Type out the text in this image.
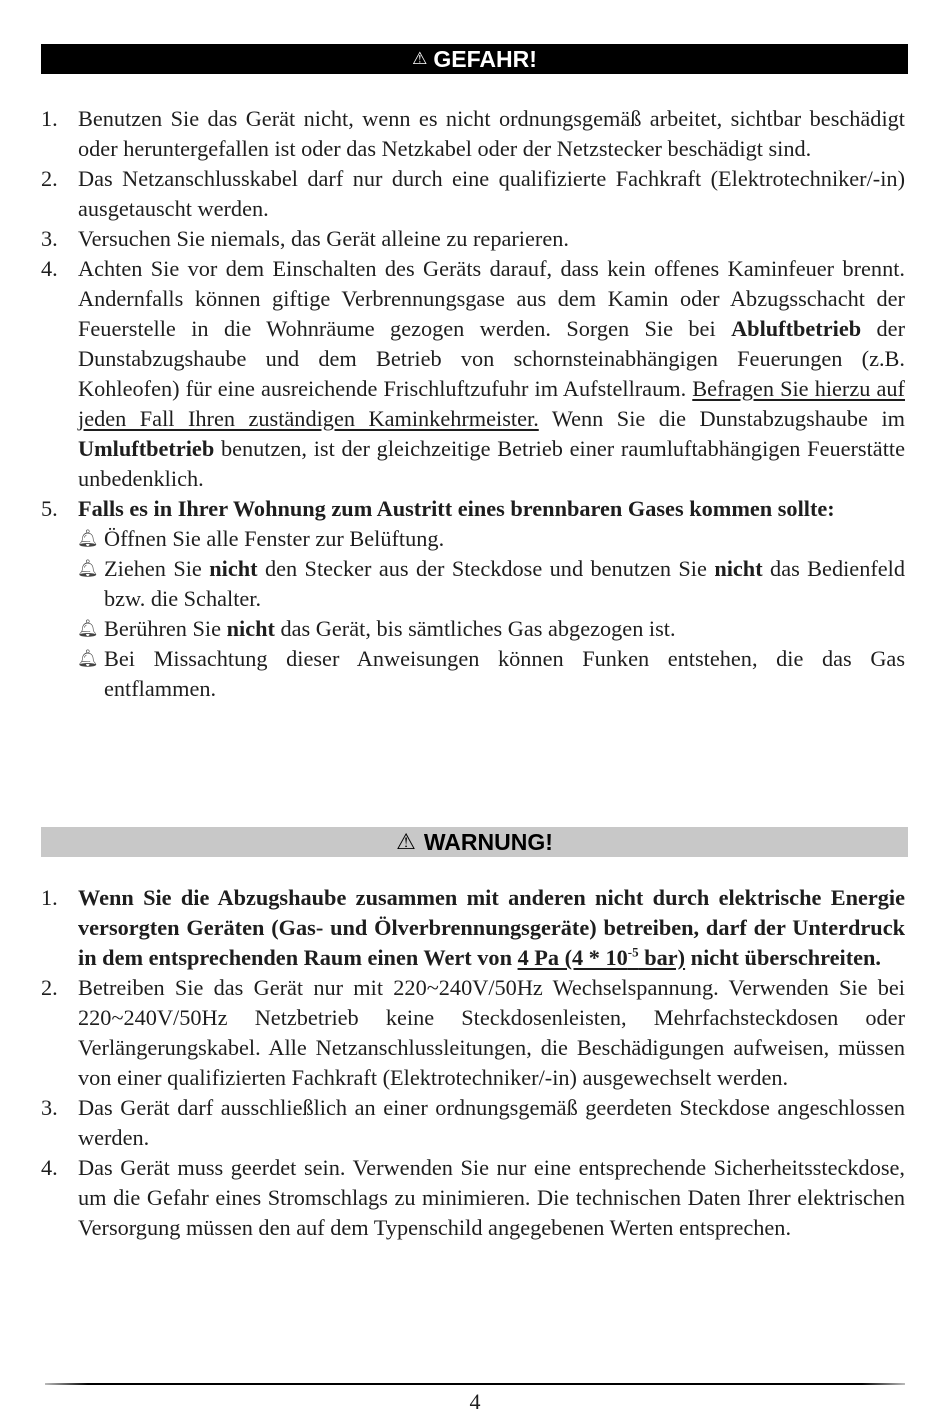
⚠ GEFAHR!
1. Benutzen Sie das Gerät nicht, wenn es nicht ordnungsgemäß arbeitet, sichtbar beschädigt oder heruntergefallen ist oder das Netzkabel oder der Netzstecker beschädigt sind.
2. Das Netzanschlusskabel darf nur durch eine qualifizierte Fachkraft (Elektrotechniker/-in) ausgetauscht werden.
3. Versuchen Sie niemals, das Gerät alleine zu reparieren.
4. Achten Sie vor dem Einschalten des Geräts darauf, dass kein offenes Kaminfeuer brennt. Andernfalls können giftige Verbrennungsgase aus dem Kamin oder Abzugsschacht der Feuerstelle in die Wohnräume gezogen werden. Sorgen Sie bei Abluftbetrieb der Dunstabzugshaube und dem Betrieb von schornsteinabhängigen Feuerungen (z.B. Kohleofen) für eine ausreichende Frischluftzufuhr im Aufstellraum. Befragen Sie hierzu auf jeden Fall Ihren zuständigen Kaminkehrmeister. Wenn Sie die Dunstabzugshaube im Umluftbetrieb benutzen, ist der gleichzeitige Betrieb einer raumluftabhängigen Feuerstätte unbedenklich.
5. Falls es in Ihrer Wohnung zum Austritt eines brennbaren Gases kommen sollte:
🔔︎ Öffnen Sie alle Fenster zur Belüftung.
🔔︎ Ziehen Sie nicht den Stecker aus der Steckdose und benutzen Sie nicht das Bedienfeld bzw. die Schalter.
🔔︎ Berühren Sie nicht das Gerät, bis sämtliches Gas abgezogen ist.
🔔︎ Bei Missachtung dieser Anweisungen können Funken entstehen, die das Gas entflammen.
⚠ WARNUNG!
1. Wenn Sie die Abzugshaube zusammen mit anderen nicht durch elektrische Energie versorgten Geräten (Gas- und Ölverbrennungsgeräte) betreiben, darf der Unterdruck in dem entsprechenden Raum einen Wert von 4 Pa ($4 * 10^{-5}$ bar) nicht überschreiten.
2. Betreiben Sie das Gerät nur mit 220~240V/50Hz Wechselspannung. Verwenden Sie bei 220~240V/50Hz Netzbetrieb keine Steckdosenleisten, Mehrfachsteckdosen oder Verlängerungskabel. Alle Netzanschlussleitungen, die Beschädigungen aufweisen, müssen von einer qualifizierten Fachkraft (Elektrotechniker/-in) ausgewechselt werden.
3. Das Gerät darf ausschließlich an einer ordnungsgemäß geerdeten Steckdose angeschlossen werden.
4. Das Gerät muss geerdet sein. Verwenden Sie nur eine entsprechende Sicherheitssteckdose, um die Gefahr eines Stromschlags zu minimieren. Die technischen Daten Ihrer elektrischen Versorgung müssen den auf dem Typenschild angegebenen Werten entsprechen.
4
